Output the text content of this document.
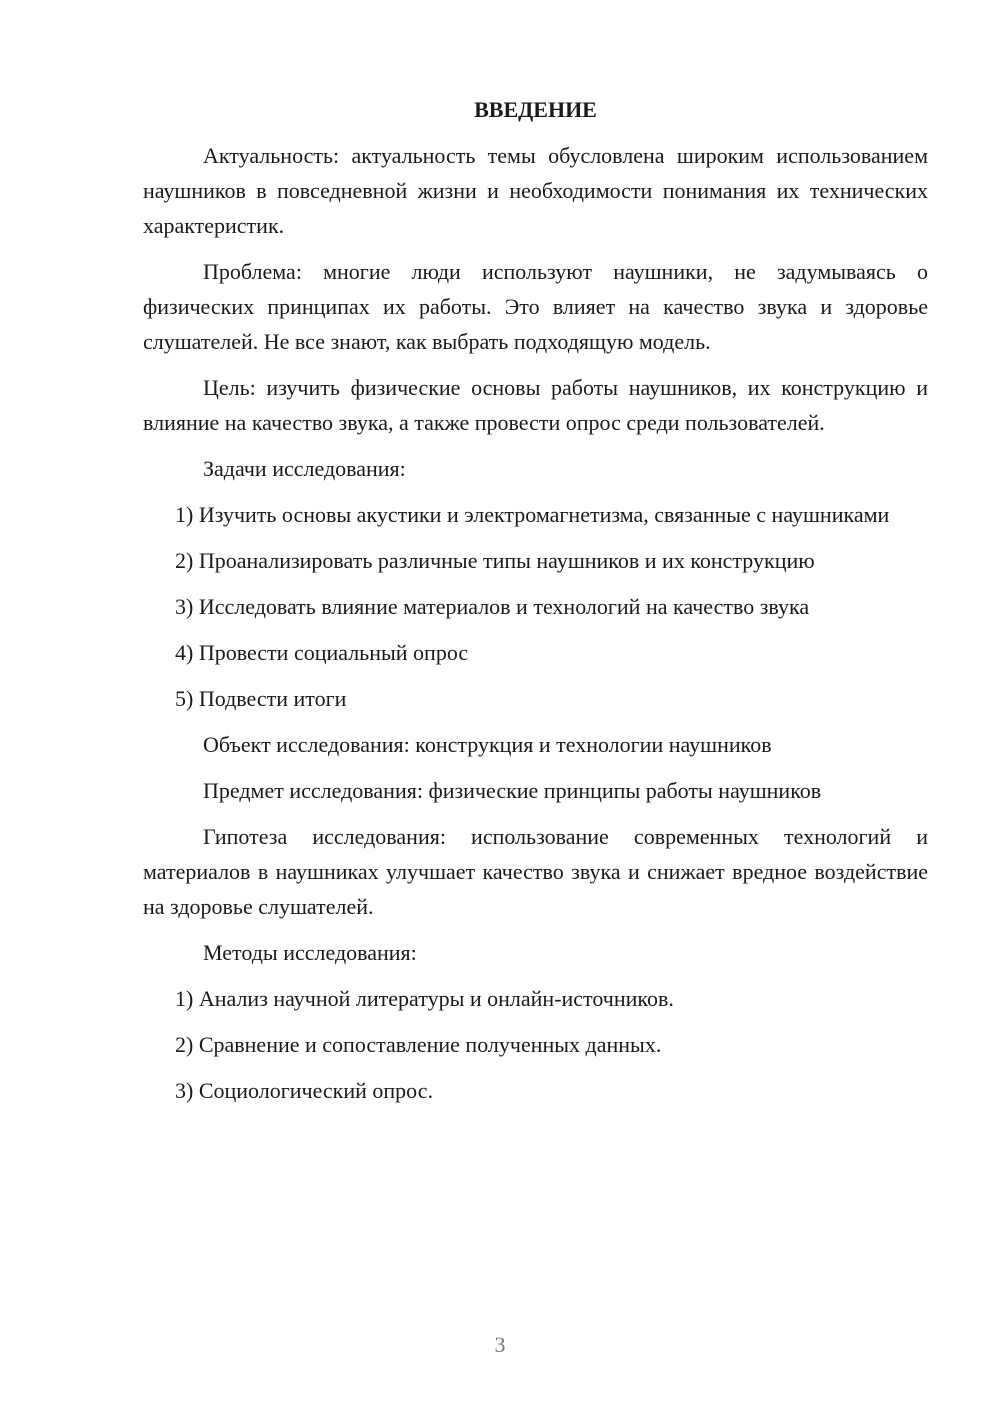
ВВЕДЕНИЕ

Актуальность: актуальность темы обусловлена широким использованием наушников в повседневной жизни и необходимости понимания их технических характеристик.

Проблема: многие люди используют наушники, не задумываясь о физических принципах их работы. Это влияет на качество звука и здоровье слушателей. Не все знают, как выбрать подходящую модель.

Цель: изучить физические основы работы наушников, их конструкцию и влияние на качество звука, а также провести опрос среди пользователей.

Задачи исследования:

1) Изучить основы акустики и электромагнетизма, связанные с наушниками

2) Проанализировать различные типы наушников и их конструкцию

3) Исследовать влияние материалов и технологий на качество звука

4) Провести социальный опрос

5) Подвести итоги

Объект исследования: конструкция и технологии наушников

Предмет исследования: физические принципы работы наушников

Гипотеза исследования: использование современных технологий и материалов в наушниках улучшает качество звука и снижает вредное воздействие на здоровье слушателей.

Методы исследования:

1) Анализ научной литературы и онлайн-источников.

2) Сравнение и сопоставление полученных данных.

3) Социологический опрос.

3
